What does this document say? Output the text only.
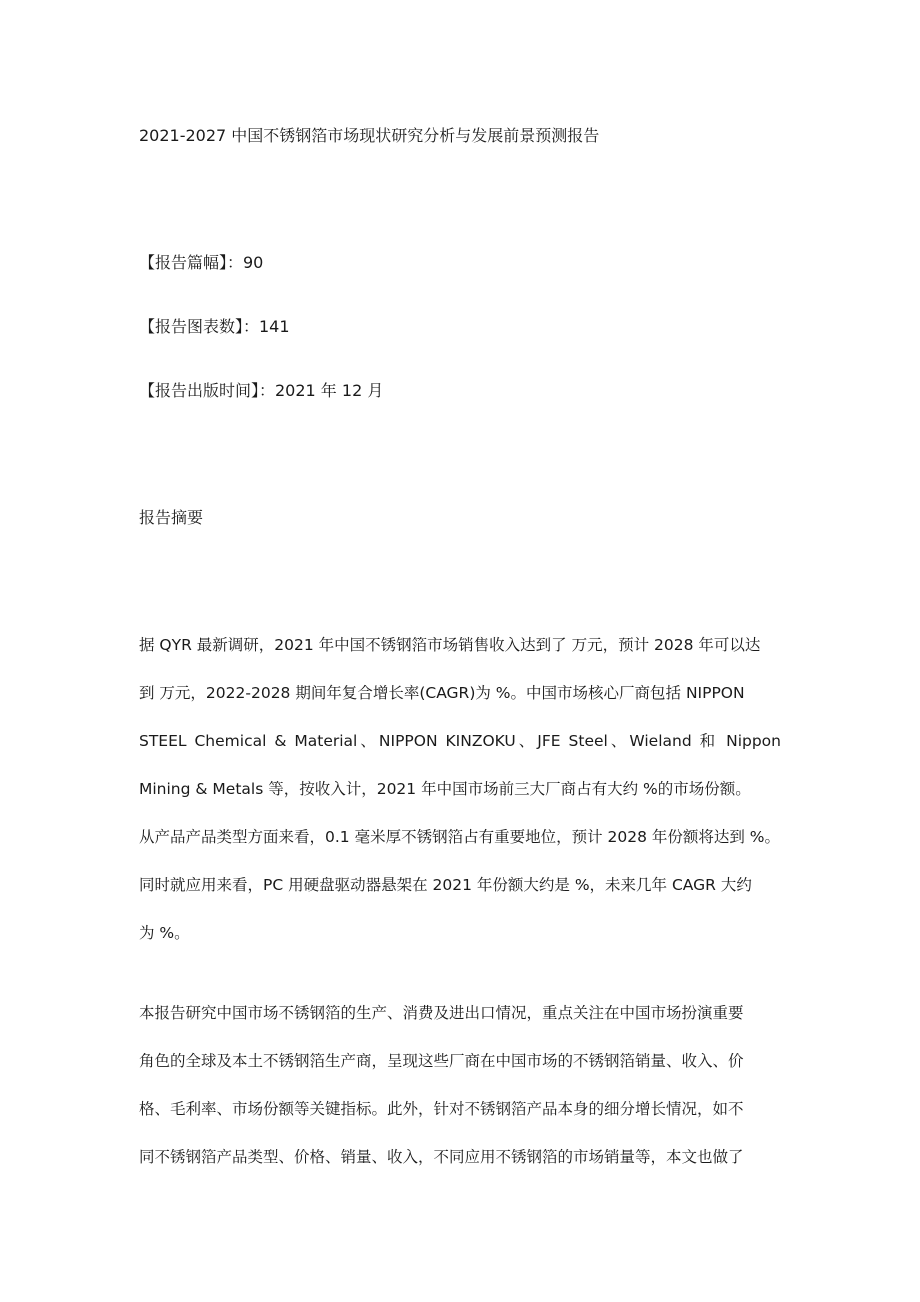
2021-2027 中国不锈钢箔市场现状研究分析与发展前景预测报告
【报告篇幅】：90
【报告图表数】：141
【报告出版时间】：2021 年 12 月
报告摘要
据 QYR 最新调研，2021 年中国不锈钢箔市场销售收入达到了 万元，预计 2028 年可以达
到 万元，2022-2028 期间年复合增长率(CAGR)为 %。中国市场核心厂商包括 NIPPON
STEEL Chemical & Material、NIPPON KINZOKU、JFE Steel、Wieland 和 Nippon
Mining & Metals 等，按收入计，2021 年中国市场前三大厂商占有大约 %的市场份额。
从产品产品类型方面来看，0.1 毫米厚不锈钢箔占有重要地位，预计 2028 年份额将达到 %。
同时就应用来看，PC 用硬盘驱动器悬架在 2021 年份额大约是 %，未来几年 CAGR 大约
为 %。
本报告研究中国市场不锈钢箔的生产、消费及进出口情况，重点关注在中国市场扮演重要
角色的全球及本土不锈钢箔生产商，呈现这些厂商在中国市场的不锈钢箔销量、收入、价
格、毛利率、市场份额等关键指标。此外，针对不锈钢箔产品本身的细分增长情况，如不
同不锈钢箔产品类型、价格、销量、收入，不同应用不锈钢箔的市场销量等，本文也做了
